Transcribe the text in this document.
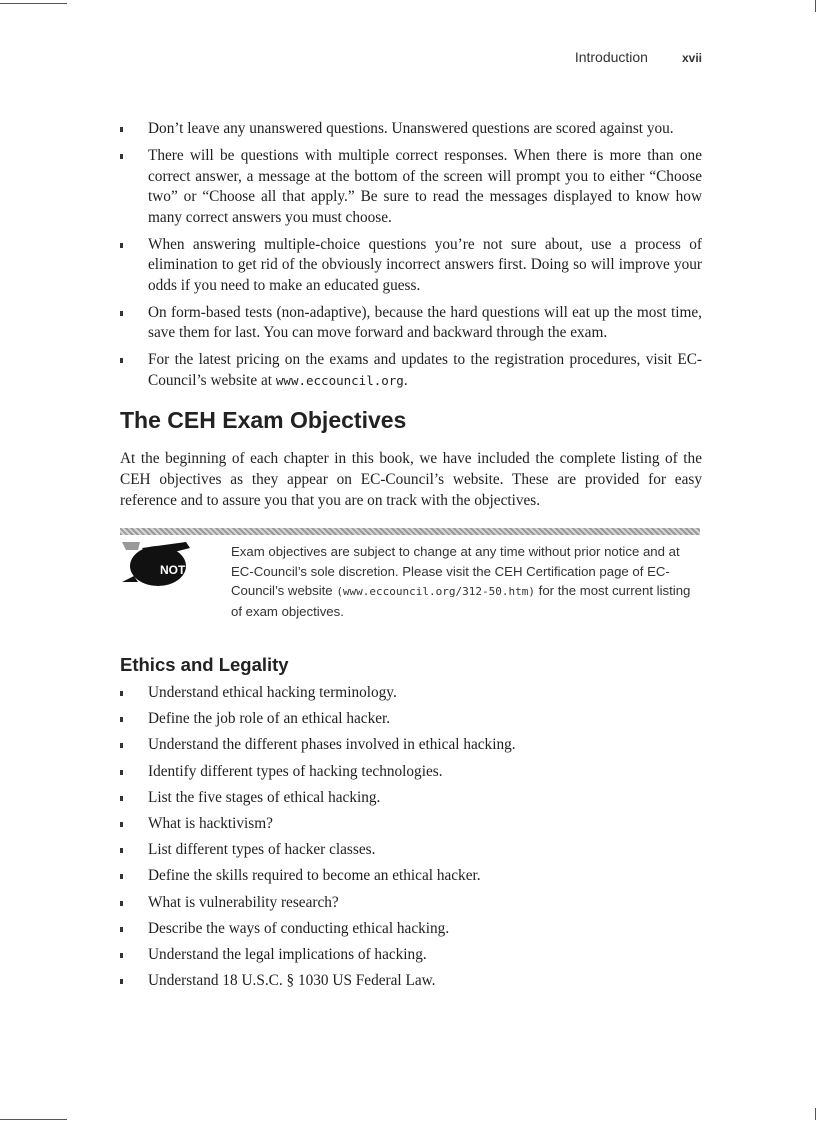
Introduction	xvii
Don’t leave any unanswered questions. Unanswered questions are scored against you.
There will be questions with multiple correct responses. When there is more than one correct answer, a message at the bottom of the screen will prompt you to either “Choose two” or “Choose all that apply.” Be sure to read the messages displayed to know how many correct answers you must choose.
When answering multiple-choice questions you’re not sure about, use a process of elimination to get rid of the obviously incorrect answers first. Doing so will improve your odds if you need to make an educated guess.
On form-based tests (non-adaptive), because the hard questions will eat up the most time, save them for last. You can move forward and backward through the exam.
For the latest pricing on the exams and updates to the registration procedures, visit EC-Council’s website at www.eccouncil.org.
The CEH Exam Objectives

At the beginning of each chapter in this book, we have included the complete listing of the CEH objectives as they appear on EC-Council’s website. These are provided for easy reference and to assure you that you are on track with the objectives.

NOTE

Exam objectives are subject to change at any time without prior notice and at EC-Council’s sole discretion. Please visit the CEH Certification page of EC-Council’s website (www.eccouncil.org/312-50.htm) for the most current listing of exam objectives.

Ethics and Legality
Understand ethical hacking terminology.
Define the job role of an ethical hacker.
Understand the different phases involved in ethical hacking.
Identify different types of hacking technologies.
List the five stages of ethical hacking.
What is hacktivism?
List different types of hacker classes.
Define the skills required to become an ethical hacker.
What is vulnerability research?
Describe the ways of conducting ethical hacking.
Understand the legal implications of hacking.
Understand 18 U.S.C. § 1030 US Federal Law.
